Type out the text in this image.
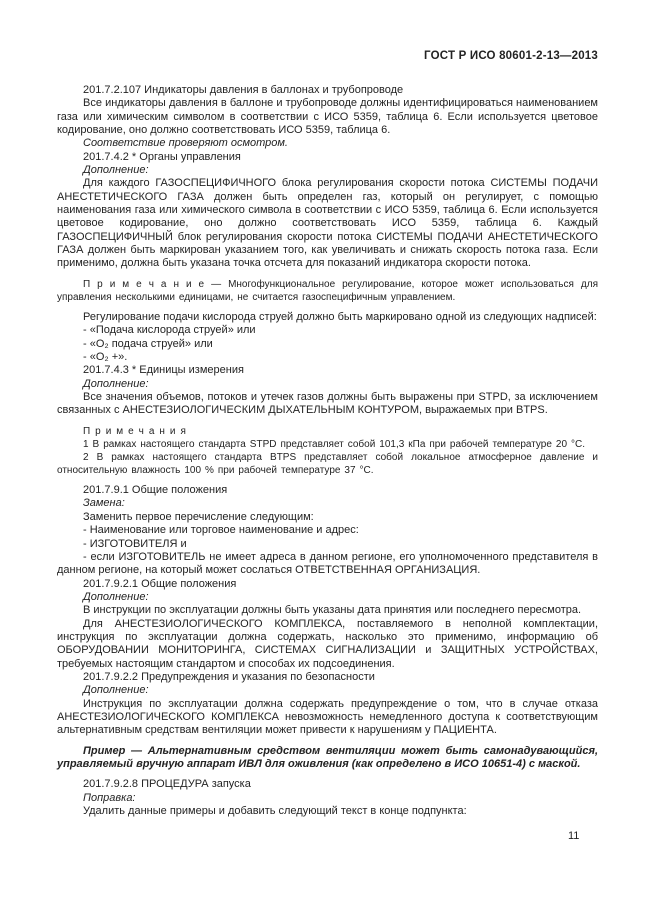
ГОСТ Р ИСО 80601-2-13—2013

201.7.2.107 Индикаторы давления в баллонах и трубопроводе

Все индикаторы давления в баллоне и трубопроводе должны идентифицироваться наименованием газа или химическим символом в соответствии с ИСО 5359, таблица 6. Если используется цветовое кодирование, оно должно соответствовать ИСО 5359, таблица 6.

Соответствие проверяют осмотром.

201.7.4.2 * Органы управления

Дополнение:

Для каждого ГАЗОСПЕЦИФИЧНОГО блока регулирования скорости потока СИСТЕМЫ ПОДАЧИ АНЕСТЕТИЧЕСКОГО ГАЗА должен быть определен газ, который он регулирует, с помощью наименования газа или химического символа в соответствии с ИСО 5359, таблица 6. Если используется цветовое кодирование, оно должно соответствовать ИСО 5359, таблица 6. Каждый ГАЗОСПЕЦИФИЧНЫЙ блок регулирования скорости потока СИСТЕМЫ ПОДАЧИ АНЕСТЕТИЧЕСКОГО ГАЗА должен быть маркирован указанием того, как увеличивать и снижать скорость потока газа. Если применимо, должна быть указана точка отсчета для показаний индикатора скорости потока.

П р и м е ч а н и е — Многофункциональное регулирование, которое может использоваться для управления несколькими единицами, не считается газоспецифичным управлением.

Регулирование подачи кислорода струей должно быть маркировано одной из следующих надписей:

- «Подача кислорода струей» или

- «О₂ подача струей» или

- «О₂ +».

201.7.4.3 * Единицы измерения

Дополнение:

Все значения объемов, потоков и утечек газов должны быть выражены при STPD, за исключением связанных с АНЕСТЕЗИОЛОГИЧЕСКИМ ДЫХАТЕЛЬНЫМ КОНТУРОМ, выражаемых при BTPS.

П р и м е ч а н и я

1 В рамках настоящего стандарта STPD представляет собой 101,3 кПа при рабочей температуре 20 °С.

2 В рамках настоящего стандарта BTPS представляет собой локальное атмосферное давление и относительную влажность 100 % при рабочей температуре 37 °С.

201.7.9.1 Общие положения

Замена:

Заменить первое перечисление следующим:

- Наименование или торговое наименование и адрес:

- ИЗГОТОВИТЕЛЯ и

- если ИЗГОТОВИТЕЛЬ не имеет адреса в данном регионе, его уполномоченного представителя в данном регионе, на который может сослаться ОТВЕТСТВЕННАЯ ОРГАНИЗАЦИЯ.

201.7.9.2.1 Общие положения

Дополнение:

В инструкции по эксплуатации должны быть указаны дата принятия или последнего пересмотра.

Для АНЕСТЕЗИОЛОГИЧЕСКОГО КОМПЛЕКСА, поставляемого в неполной комплектации, инструкция по эксплуатации должна содержать, насколько это применимо, информацию об ОБОРУДОВАНИИ МОНИТОРИНГА, СИСТЕМАХ СИГНАЛИЗАЦИИ и ЗАЩИТНЫХ УСТРОЙСТВАХ, требуемых настоящим стандартом и способах их подсоединения.

201.7.9.2.2 Предупреждения и указания по безопасности

Дополнение:

Инструкция по эксплуатации должна содержать предупреждение о том, что в случае отказа АНЕСТЕЗИОЛОГИЧЕСКОГО КОМПЛЕКСА невозможность немедленного доступа к соответствующим альтернативным средствам вентиляции может привести к нарушениям у ПАЦИЕНТА.

Пример — Альтернативным средством вентиляции может быть самонадувающийся, управляемый вручную аппарат ИВЛ для оживления (как определено в ИСО 10651-4) с маской.

201.7.9.2.8 ПРОЦЕДУРА запуска

Поправка:

Удалить данные примеры и добавить следующий текст в конце подпункта:

11
